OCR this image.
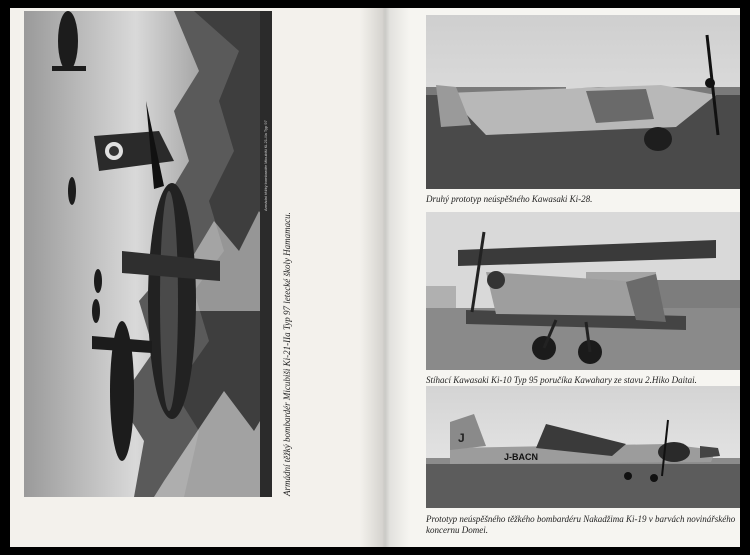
Armádní těžký bombardér Micubiši Ki-21-IIa Typ 97
Armádní těžký bombardér Micubiši Ki-21-IIa Typ 97 letecké školy Hamamacu.
Druhý prototyp neúspěšného Kawasaki Ki-28.
Stíhací Kawasaki Ki-10 Typ 95 poručíka Kawahary ze stavu 2.Hiko Daitai.
J
J-BACN
Prototyp neúspěšného těžkého bombardéru Nakadžima Ki-19 v barvách novinářského koncernu Domei.
